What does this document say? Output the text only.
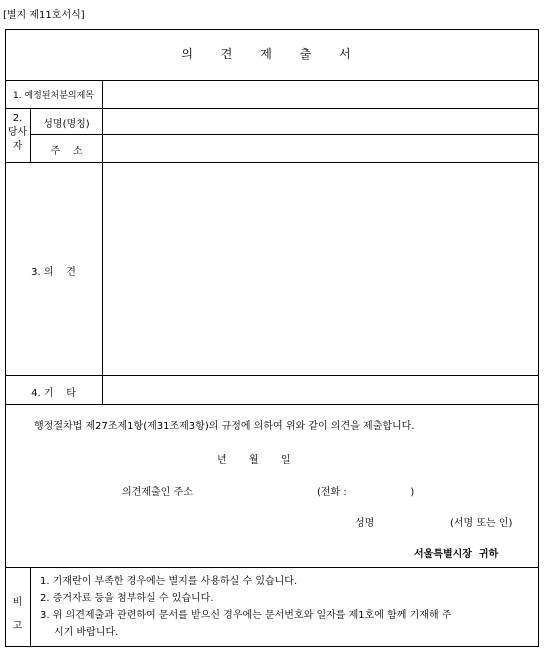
[별지 제11호서식]
의 견 제 출 서
1. 예정된처분의제목
2.
당사
자
성명(명칭)
주    소
3. 의    견
4. 기    타
행정절차법 제27조제1항(제31조제3항)의 규정에 의하여 위와 같이 의견을 제출합니다.
년       월       일
의견제출인 주소	(전화 :                    )
성명	(서명 또는 인)
서울특별시장  귀하
비
고

1. 기재란이 부족한 경우에는 별지를 사용하실 수 있습니다.

2. 증거자료 등을 첨부하실 수 있습니다.

3. 위 의견제출과 관련하여 문서를 받으신 경우에는 문서번호와 일자를 제1호에 함께 기재해 주

시기 바랍니다.
